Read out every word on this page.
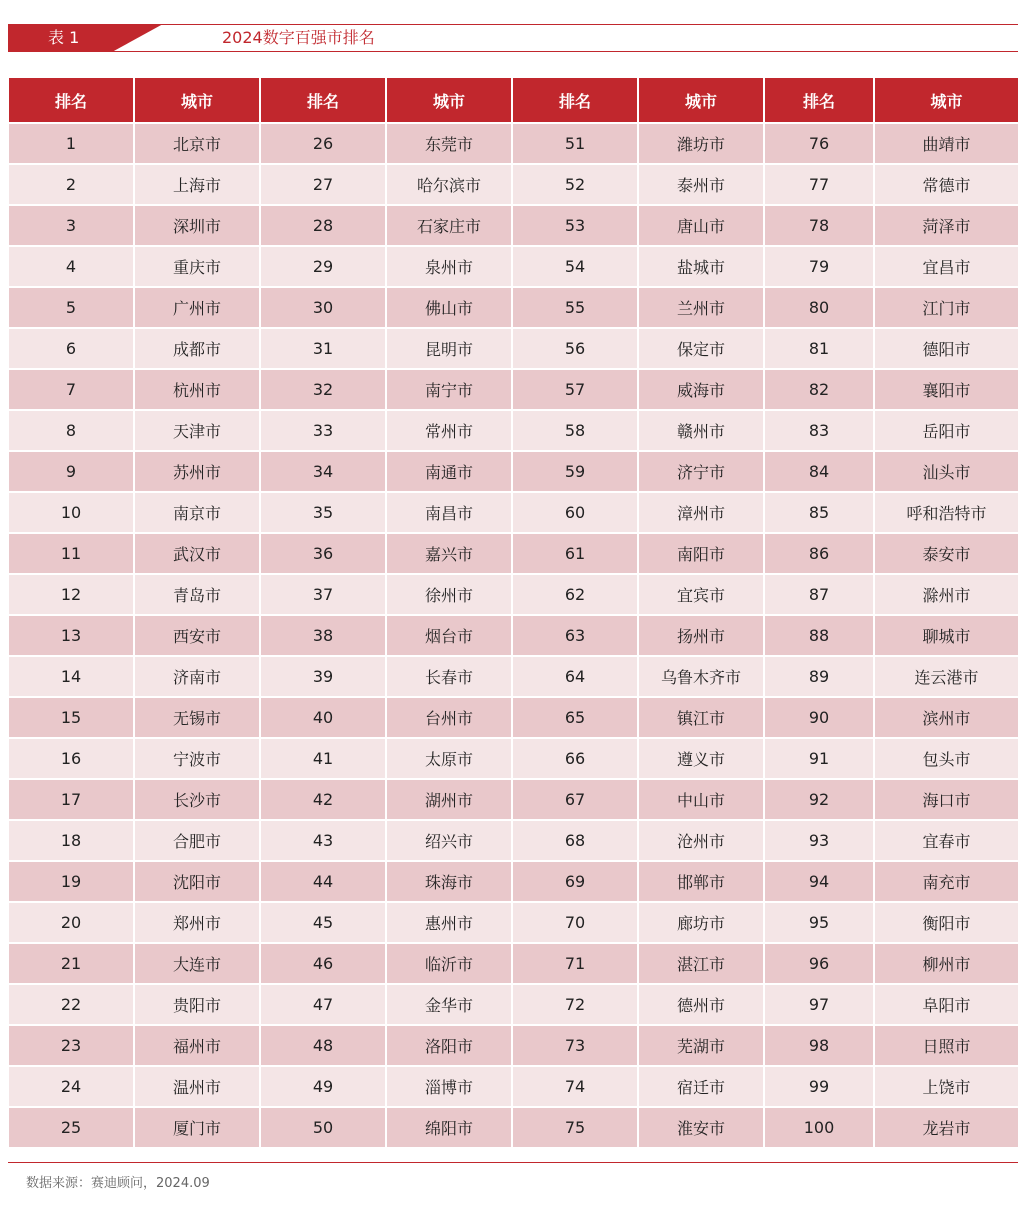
表 1	2024数字百强市排名
排名	城市	排名	城市	排名	城市	排名	城市
1	北京市	26	东莞市	51	潍坊市	76	曲靖市
2	上海市	27	哈尔滨市	52	泰州市	77	常德市
3	深圳市	28	石家庄市	53	唐山市	78	菏泽市
4	重庆市	29	泉州市	54	盐城市	79	宜昌市
5	广州市	30	佛山市	55	兰州市	80	江门市
6	成都市	31	昆明市	56	保定市	81	德阳市
7	杭州市	32	南宁市	57	威海市	82	襄阳市
8	天津市	33	常州市	58	赣州市	83	岳阳市
9	苏州市	34	南通市	59	济宁市	84	汕头市
10	南京市	35	南昌市	60	漳州市	85	呼和浩特市
11	武汉市	36	嘉兴市	61	南阳市	86	泰安市
12	青岛市	37	徐州市	62	宜宾市	87	滁州市
13	西安市	38	烟台市	63	扬州市	88	聊城市
14	济南市	39	长春市	64	乌鲁木齐市	89	连云港市
15	无锡市	40	台州市	65	镇江市	90	滨州市
16	宁波市	41	太原市	66	遵义市	91	包头市
17	长沙市	42	湖州市	67	中山市	92	海口市
18	合肥市	43	绍兴市	68	沧州市	93	宜春市
19	沈阳市	44	珠海市	69	邯郸市	94	南充市
20	郑州市	45	惠州市	70	廊坊市	95	衡阳市
21	大连市	46	临沂市	71	湛江市	96	柳州市
22	贵阳市	47	金华市	72	德州市	97	阜阳市
23	福州市	48	洛阳市	73	芜湖市	98	日照市
24	温州市	49	淄博市	74	宿迁市	99	上饶市
25	厦门市	50	绵阳市	75	淮安市	100	龙岩市
数据来源：赛迪顾问，2024.09
